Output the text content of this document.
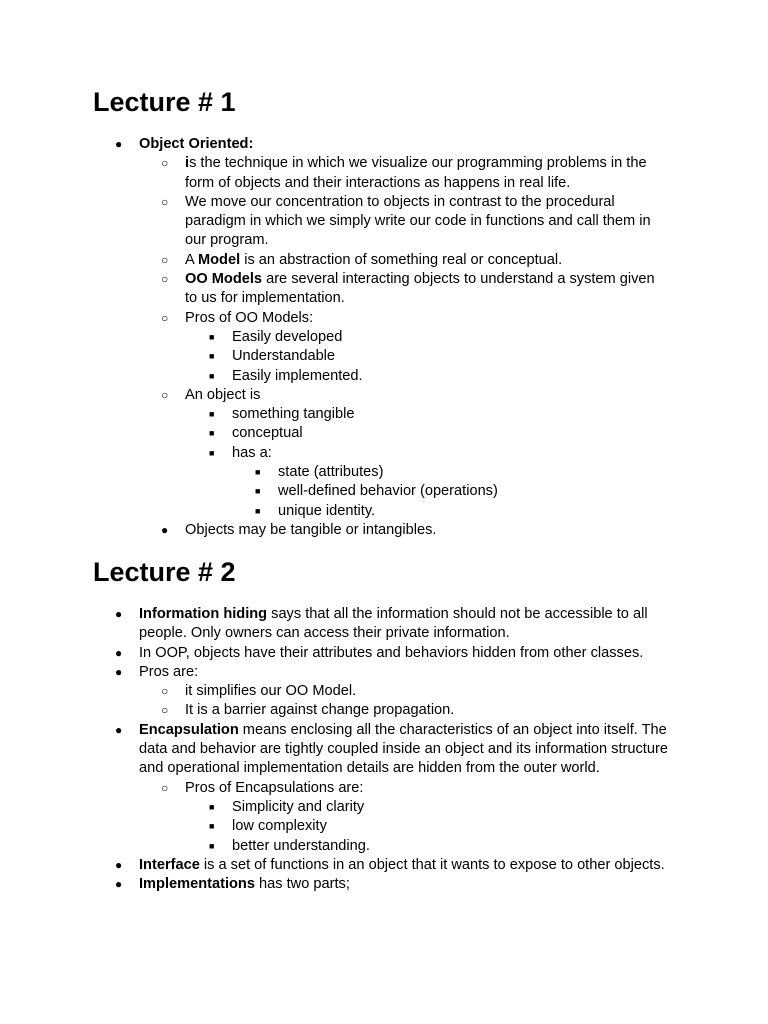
Lecture # 1
● Object Oriented:
○ is the technique in which we visualize our programming problems in the form of objects and their interactions as happens in real life.
○ We move our concentration to objects in contrast to the procedural paradigm in which we simply write our code in functions and call them in our program.
○ A Model is an abstraction of something real or conceptual.
○ OO Models are several interacting objects to understand a system given to us for implementation.
○ Pros of OO Models:
■ Easily developed
■ Understandable
■ Easily implemented.
○ An object is
■ something tangible
■ conceptual
■ has a:
■ state (attributes)
■ well-defined behavior (operations)
■ unique identity.
● Objects may be tangible or intangibles.
Lecture # 2
● Information hiding says that all the information should not be accessible to all people. Only owners can access their private information.
● In OOP, objects have their attributes and behaviors hidden from other classes.
● Pros are:
○ it simplifies our OO Model.
○ It is a barrier against change propagation.
● Encapsulation means enclosing all the characteristics of an object into itself. The data and behavior are tightly coupled inside an object and its information structure and operational implementation details are hidden from the outer world.
○ Pros of Encapsulations are:
■ Simplicity and clarity
■ low complexity
■ better understanding.
● Interface is a set of functions in an object that it wants to expose to other objects.
● Implementations has two parts;
